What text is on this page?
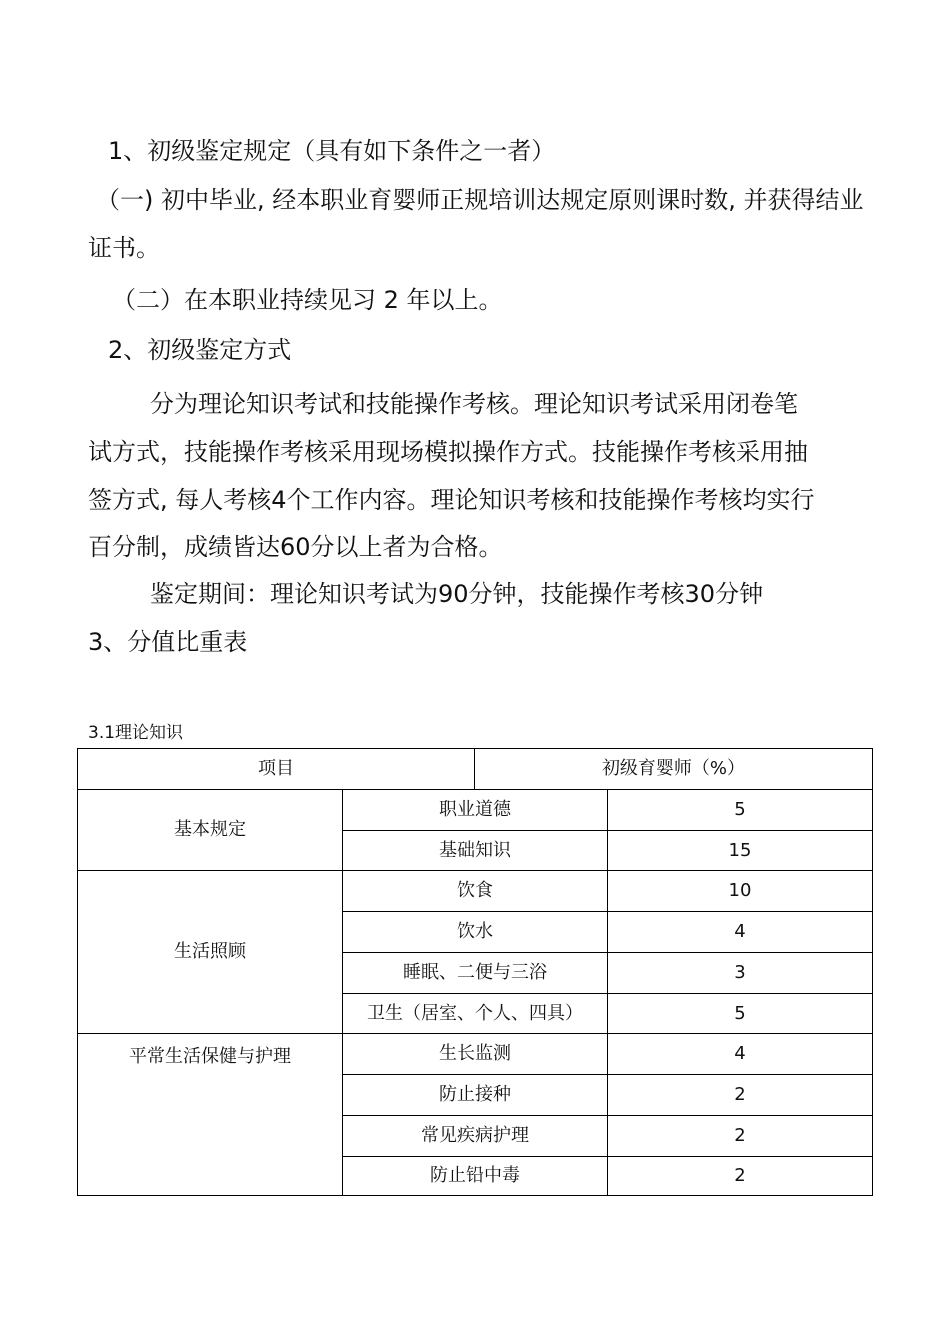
1、初级鉴定规定（具有如下条件之一者）
（一) 初中毕业, 经本职业育婴师正规培训达规定原则课时数, 并获得结业
证书。
（二）在本职业持续见习 2 年以上。
2、初级鉴定方式
分为理论知识考试和技能操作考核。理论知识考试采用闭卷笔
试方式，技能操作考核采用现场模拟操作方式。技能操作考核采用抽
签方式, 每人考核4个工作内容。理论知识考核和技能操作考核均实行
百分制，成绩皆达60分以上者为合格。
鉴定期间：理论知识考试为90分钟，技能操作考核30分钟
3、分值比重表
3.1理论知识
项目	初级育婴师（%）
基本规定
职业道德	5
基础知识	15
生活照顾
饮食	10
饮水	4
睡眠、二便与三浴	3
卫生（居室、个人、四具）	5
平常生活保健与护理	生长监测	4
防止接种	2
常见疾病护理	2
防止铅中毒	2
